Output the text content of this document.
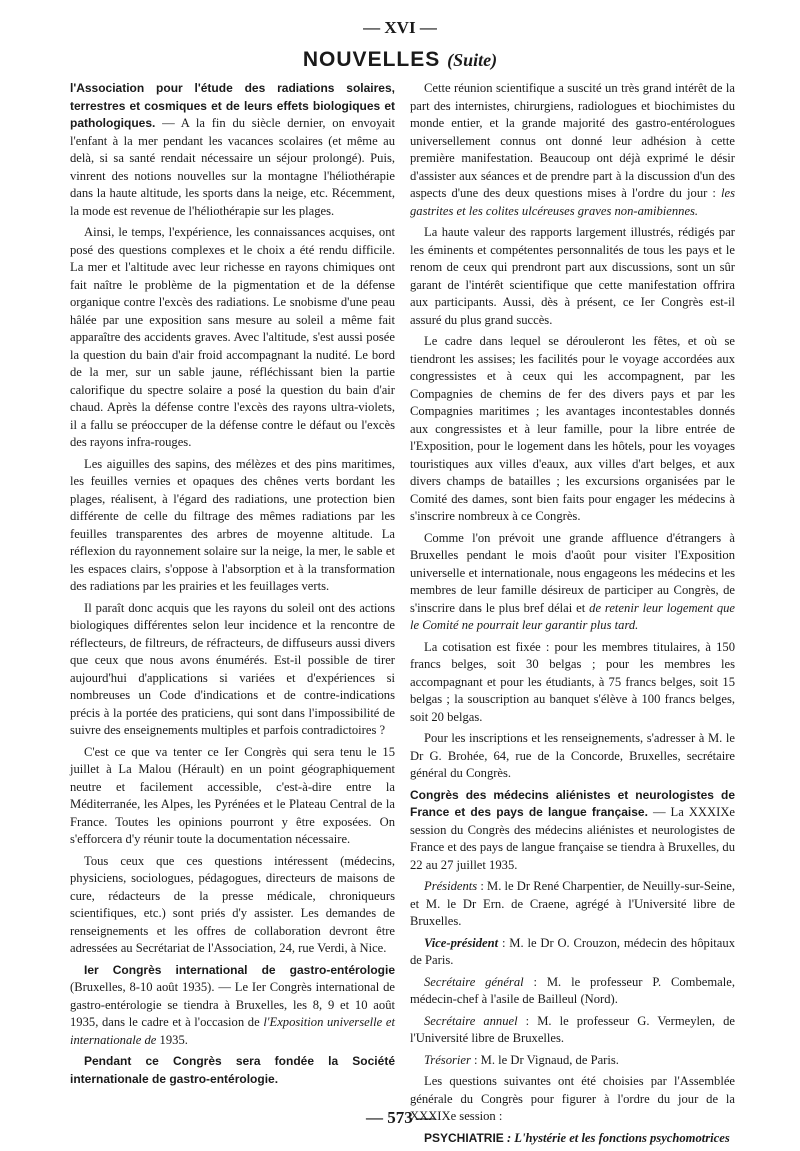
— XVI —
NOUVELLES (Suite)

l'Association pour l'étude des radiations solaires, terrestres et cosmiques et de leurs effets biologiques et pathologiques. — A la fin du siècle dernier, on envoyait l'enfant à la mer pendant les vacances scolaires (et même au delà, si sa santé rendait nécessaire un séjour prolongé). Puis, vinrent des notions nouvelles sur la montagne l'héliothérapie dans la haute altitude, les sports dans la neige, etc. Récemment, la mode est revenue de l'héliothérapie sur les plages.

Ainsi, le temps, l'expérience, les connaissances acquises, ont posé des questions complexes et le choix a été rendu difficile. La mer et l'altitude avec leur richesse en rayons chimiques ont fait naître le problème de la pigmentation et de la défense organique contre l'excès des radiations. Le snobisme d'une peau hâlée par une exposition sans mesure au soleil a même fait apparaître des accidents graves. Avec l'altitude, s'est aussi posée la question du bain d'air froid accompagnant la nudité. Le bord de la mer, sur un sable jaune, réfléchissant bien la partie calorifique du spectre solaire a posé la question du bain d'air chaud. Après la défense contre l'excès des rayons ultra-violets, il a fallu se préoccuper de la défense contre le défaut ou l'excès des rayons infra-rouges.

Les aiguilles des sapins, des mélèzes et des pins maritimes, les feuilles vernies et opaques des chênes verts bordant les plages, réalisent, à l'égard des radiations, une protection bien différente de celle du filtrage des mêmes radiations par les feuilles transparentes des arbres de moyenne altitude. La réflexion du rayonnement solaire sur la neige, la mer, le sable et les espaces clairs, s'oppose à l'absorption et à la transformation des radiations par les prairies et les feuillages verts.

Il paraît donc acquis que les rayons du soleil ont des actions biologiques différentes selon leur incidence et la rencontre de réflecteurs, de filtreurs, de réfracteurs, de diffuseurs aussi divers que ceux que nous avons énumérés. Est-il possible de tirer aujourd'hui d'applications si variées et d'expériences si nombreuses un Code d'indications et de contre-indications précis à la portée des praticiens, qui sont dans l'impossibilité de suivre des enseignements multiples et parfois contradictoires ?

C'est ce que va tenter ce Ier Congrès qui sera tenu le 15 juillet à La Malou (Hérault) en un point géographiquement neutre et facilement accessible, c'est-à-dire entre la Méditerranée, les Alpes, les Pyrénées et le Plateau Central de la France. Toutes les opinions pourront y être exposées. On s'efforcera d'y réunir toute la documentation nécessaire.

Tous ceux que ces questions intéressent (médecins, physiciens, sociologues, pédagogues, directeurs de maisons de cure, rédacteurs de la presse médicale, chroniqueurs scientifiques, etc.) sont priés d'y assister. Les demandes de renseignements et les offres de collaboration devront être adressées au Secrétariat de l'Association, 24, rue Verdi, à Nice.

Ier Congrès international de gastro-entérologie (Bruxelles, 8-10 août 1935). — Le Ier Congrès international de gastro-entérologie se tiendra à Bruxelles, les 8, 9 et 10 août 1935, dans le cadre et à l'occasion de l'Exposition universelle et internationale de 1935.

Pendant ce Congrès sera fondée la Société internationale de gastro-entérologie.

Cette réunion scientifique a suscité un très grand intérêt de la part des internistes, chirurgiens, radiologues et biochimistes du monde entier, et la grande majorité des gastro-entérologues universellement connus ont donné leur adhésion à cette première manifestation. Beaucoup ont déjà exprimé le désir d'assister aux séances et de prendre part à la discussion d'un des aspects d'une des deux questions mises à l'ordre du jour : les gastrites et les colites ulcéreuses graves non-amibiennes.

La haute valeur des rapports largement illustrés, rédigés par les éminents et compétentes personnalités de tous les pays et le renom de ceux qui prendront part aux discussions, sont un sûr garant de l'intérêt scientifique que cette manifestation offrira aux participants. Aussi, dès à présent, ce Ier Congrès est-il assuré du plus grand succès.

Le cadre dans lequel se dérouleront les fêtes, et où se tiendront les assises; les facilités pour le voyage accordées aux congressistes et à ceux qui les accompagnent, par les Compagnies de chemins de fer des divers pays et par les Compagnies maritimes ; les avantages incontestables donnés aux congressistes et à leur famille, pour la libre entrée de l'Exposition, pour le logement dans les hôtels, pour les voyages touristiques aux villes d'eaux, aux villes d'art belges, et aux divers champs de batailles ; les excursions organisées par le Comité des dames, sont bien faits pour engager les médecins à s'inscrire nombreux à ce Congrès.

Comme l'on prévoit une grande affluence d'étrangers à Bruxelles pendant le mois d'août pour visiter l'Exposition universelle et internationale, nous engageons les médecins et les membres de leur famille désireux de participer au Congrès, de s'inscrire dans le plus bref délai et de retenir leur logement que le Comité ne pourrait leur garantir plus tard.

La cotisation est fixée : pour les membres titulaires, à 150 francs belges, soit 30 belgas ; pour les membres les accompagnant et pour les étudiants, à 75 francs belges, soit 15 belgas ; la souscription au banquet s'élève à 100 francs belges, soit 20 belgas.

Pour les inscriptions et les renseignements, s'adresser à M. le Dr G. Brohée, 64, rue de la Concorde, Bruxelles, secrétaire général du Congrès.

Congrès des médecins aliénistes et neurologistes de France et des pays de langue française. — La XXXIXe session du Congrès des médecins aliénistes et neurologistes de France et des pays de langue française se tiendra à Bruxelles, du 22 au 27 juillet 1935.

Présidents : M. le Dr René Charpentier, de Neuilly-sur-Seine, et M. le Dr Ern. de Craene, agrégé à l'Université libre de Bruxelles.

Vice-président : M. le Dr O. Crouzon, médecin des hôpitaux de Paris.

Secrétaire général : M. le professeur P. Combemale, médecin-chef à l'asile de Bailleul (Nord).

Secrétaire annuel : M. le professeur G. Vermeylen, de l'Université libre de Bruxelles.

Trésorier : M. le Dr Vignaud, de Paris.

Les questions suivantes ont été choisies par l'Assemblée générale du Congrès pour figurer à l'ordre du jour de la XXXIXe session :

PSYCHIATRIE : L'hystérie et les fonctions psychomotrices

— 573 —
